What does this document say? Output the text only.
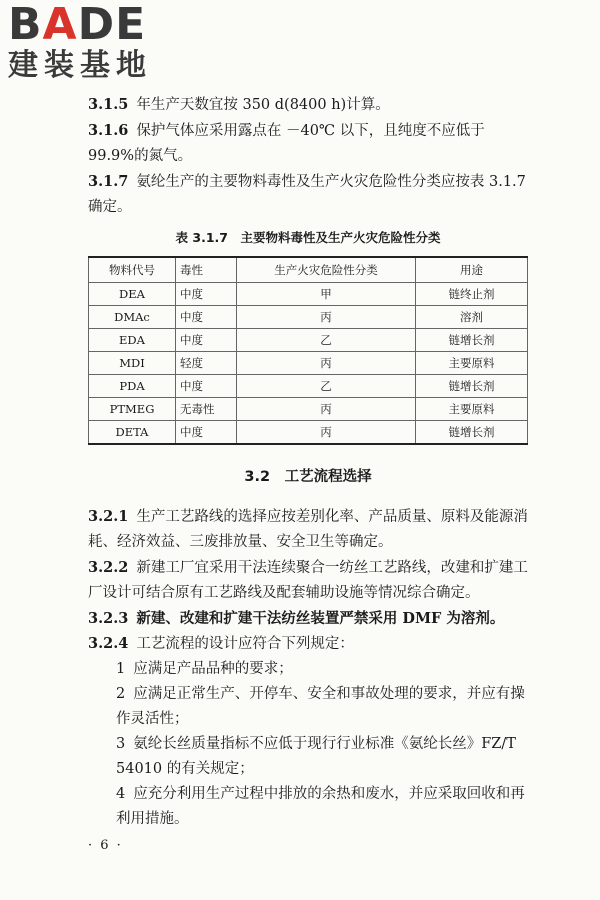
BADE
建装基地

3.1.5 年生产天数宜按 350 d(8400 h)计算。

3.1.6 保护气体应采用露点在 －40℃ 以下，且纯度不应低于 99.9%的氮气。

3.1.7 氨纶生产的主要物料毒性及生产火灾危险性分类应按表 3.1.7 确定。

表 3.1.7　主要物料毒性及生产火灾危险性分类
物料代号	毒性	生产火灾危险性分类	用途
DEA	中度	甲	链终止剂
DMAc	中度	丙	溶剂
EDA	中度	乙	链增长剂
MDI	轻度	丙	主要原料
PDA	中度	乙	链增长剂
PTMEG	无毒性	丙	主要原料
DETA	中度	丙	链增长剂
3.2　工艺流程选择

3.2.1 生产工艺路线的选择应按差别化率、产品质量、原料及能源消耗、经济效益、三废排放量、安全卫生等确定。

3.2.2 新建工厂宜采用干法连续聚合一纺丝工艺路线，改建和扩建工厂设计可结合原有工艺路线及配套辅助设施等情况综合确定。

3.2.3 新建、改建和扩建干法纺丝装置严禁采用 DMF 为溶剂。

3.2.4 工艺流程的设计应符合下列规定：

1 应满足产品品种的要求；

2 应满足正常生产、开停车、安全和事故处理的要求，并应有操作灵活性；

3 氨纶长丝质量指标不应低于现行行业标准《氨纶长丝》FZ/T 54010 的有关规定；

4 应充分利用生产过程中排放的余热和废水，并应采取回收和再利用措施。

· 6 ·
